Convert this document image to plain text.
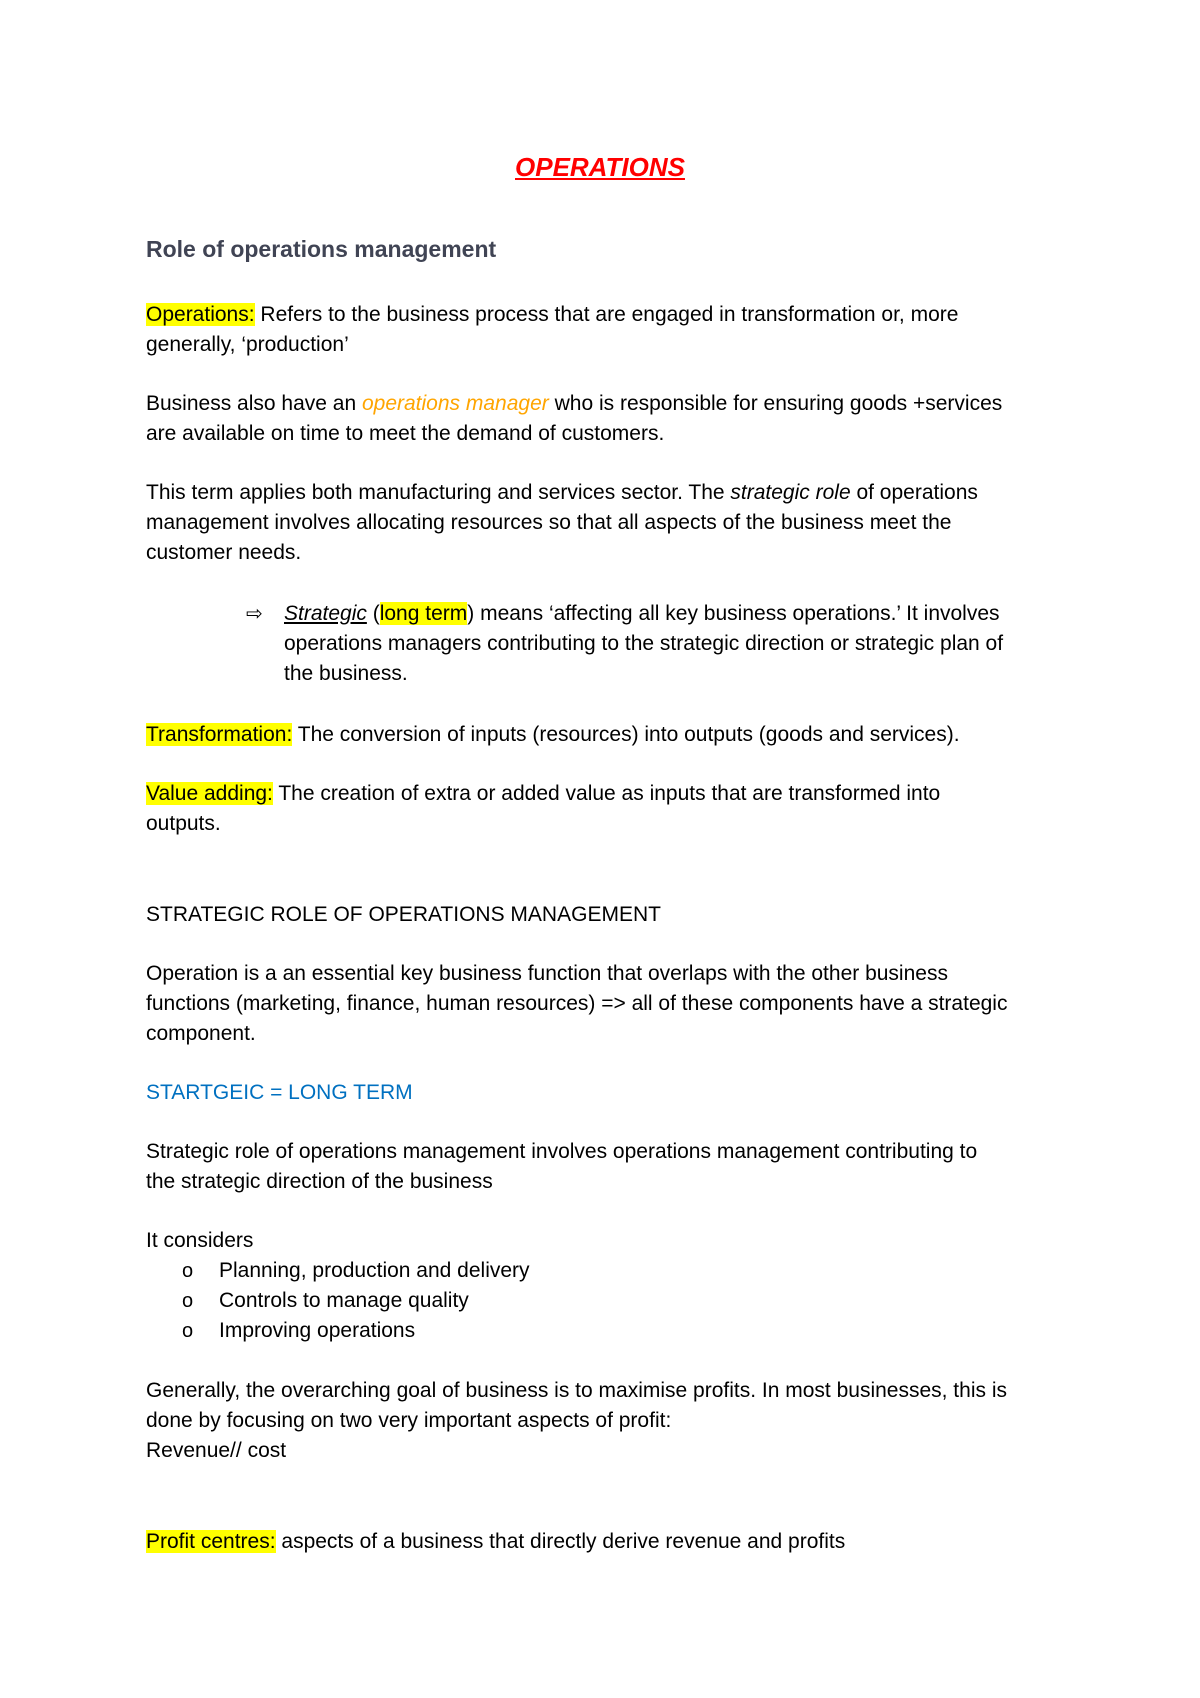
OPERATIONS
Role of operations management
Operations: Refers to the business process that are engaged in transformation or, more
generally, ‘production’
Business also have an operations manager who is responsible for ensuring goods +services
are available on time to meet the demand of customers.
This term applies both manufacturing and services sector. The strategic role of operations
management involves allocating resources so that all aspects of the business meet the
customer needs.
⇨ Strategic (long term) means ‘affecting all key business operations.’ It involves
operations managers contributing to the strategic direction or strategic plan of
the business.
Transformation: The conversion of inputs (resources) into outputs (goods and services).
Value adding: The creation of extra or added value as inputs that are transformed into
outputs.
STRATEGIC ROLE OF OPERATIONS MANAGEMENT
Operation is a an essential key business function that overlaps with the other business
functions (marketing, finance, human resources) => all of these components have a strategic
component.
STARTGEIC = LONG TERM
Strategic role of operations management involves operations management contributing to
the strategic direction of the business
It considers
o Planning, production and delivery
o Controls to manage quality
o Improving operations
Generally, the overarching goal of business is to maximise profits. In most businesses, this is
done by focusing on two very important aspects of profit:
Revenue// cost
Profit centres: aspects of a business that directly derive revenue and profits
